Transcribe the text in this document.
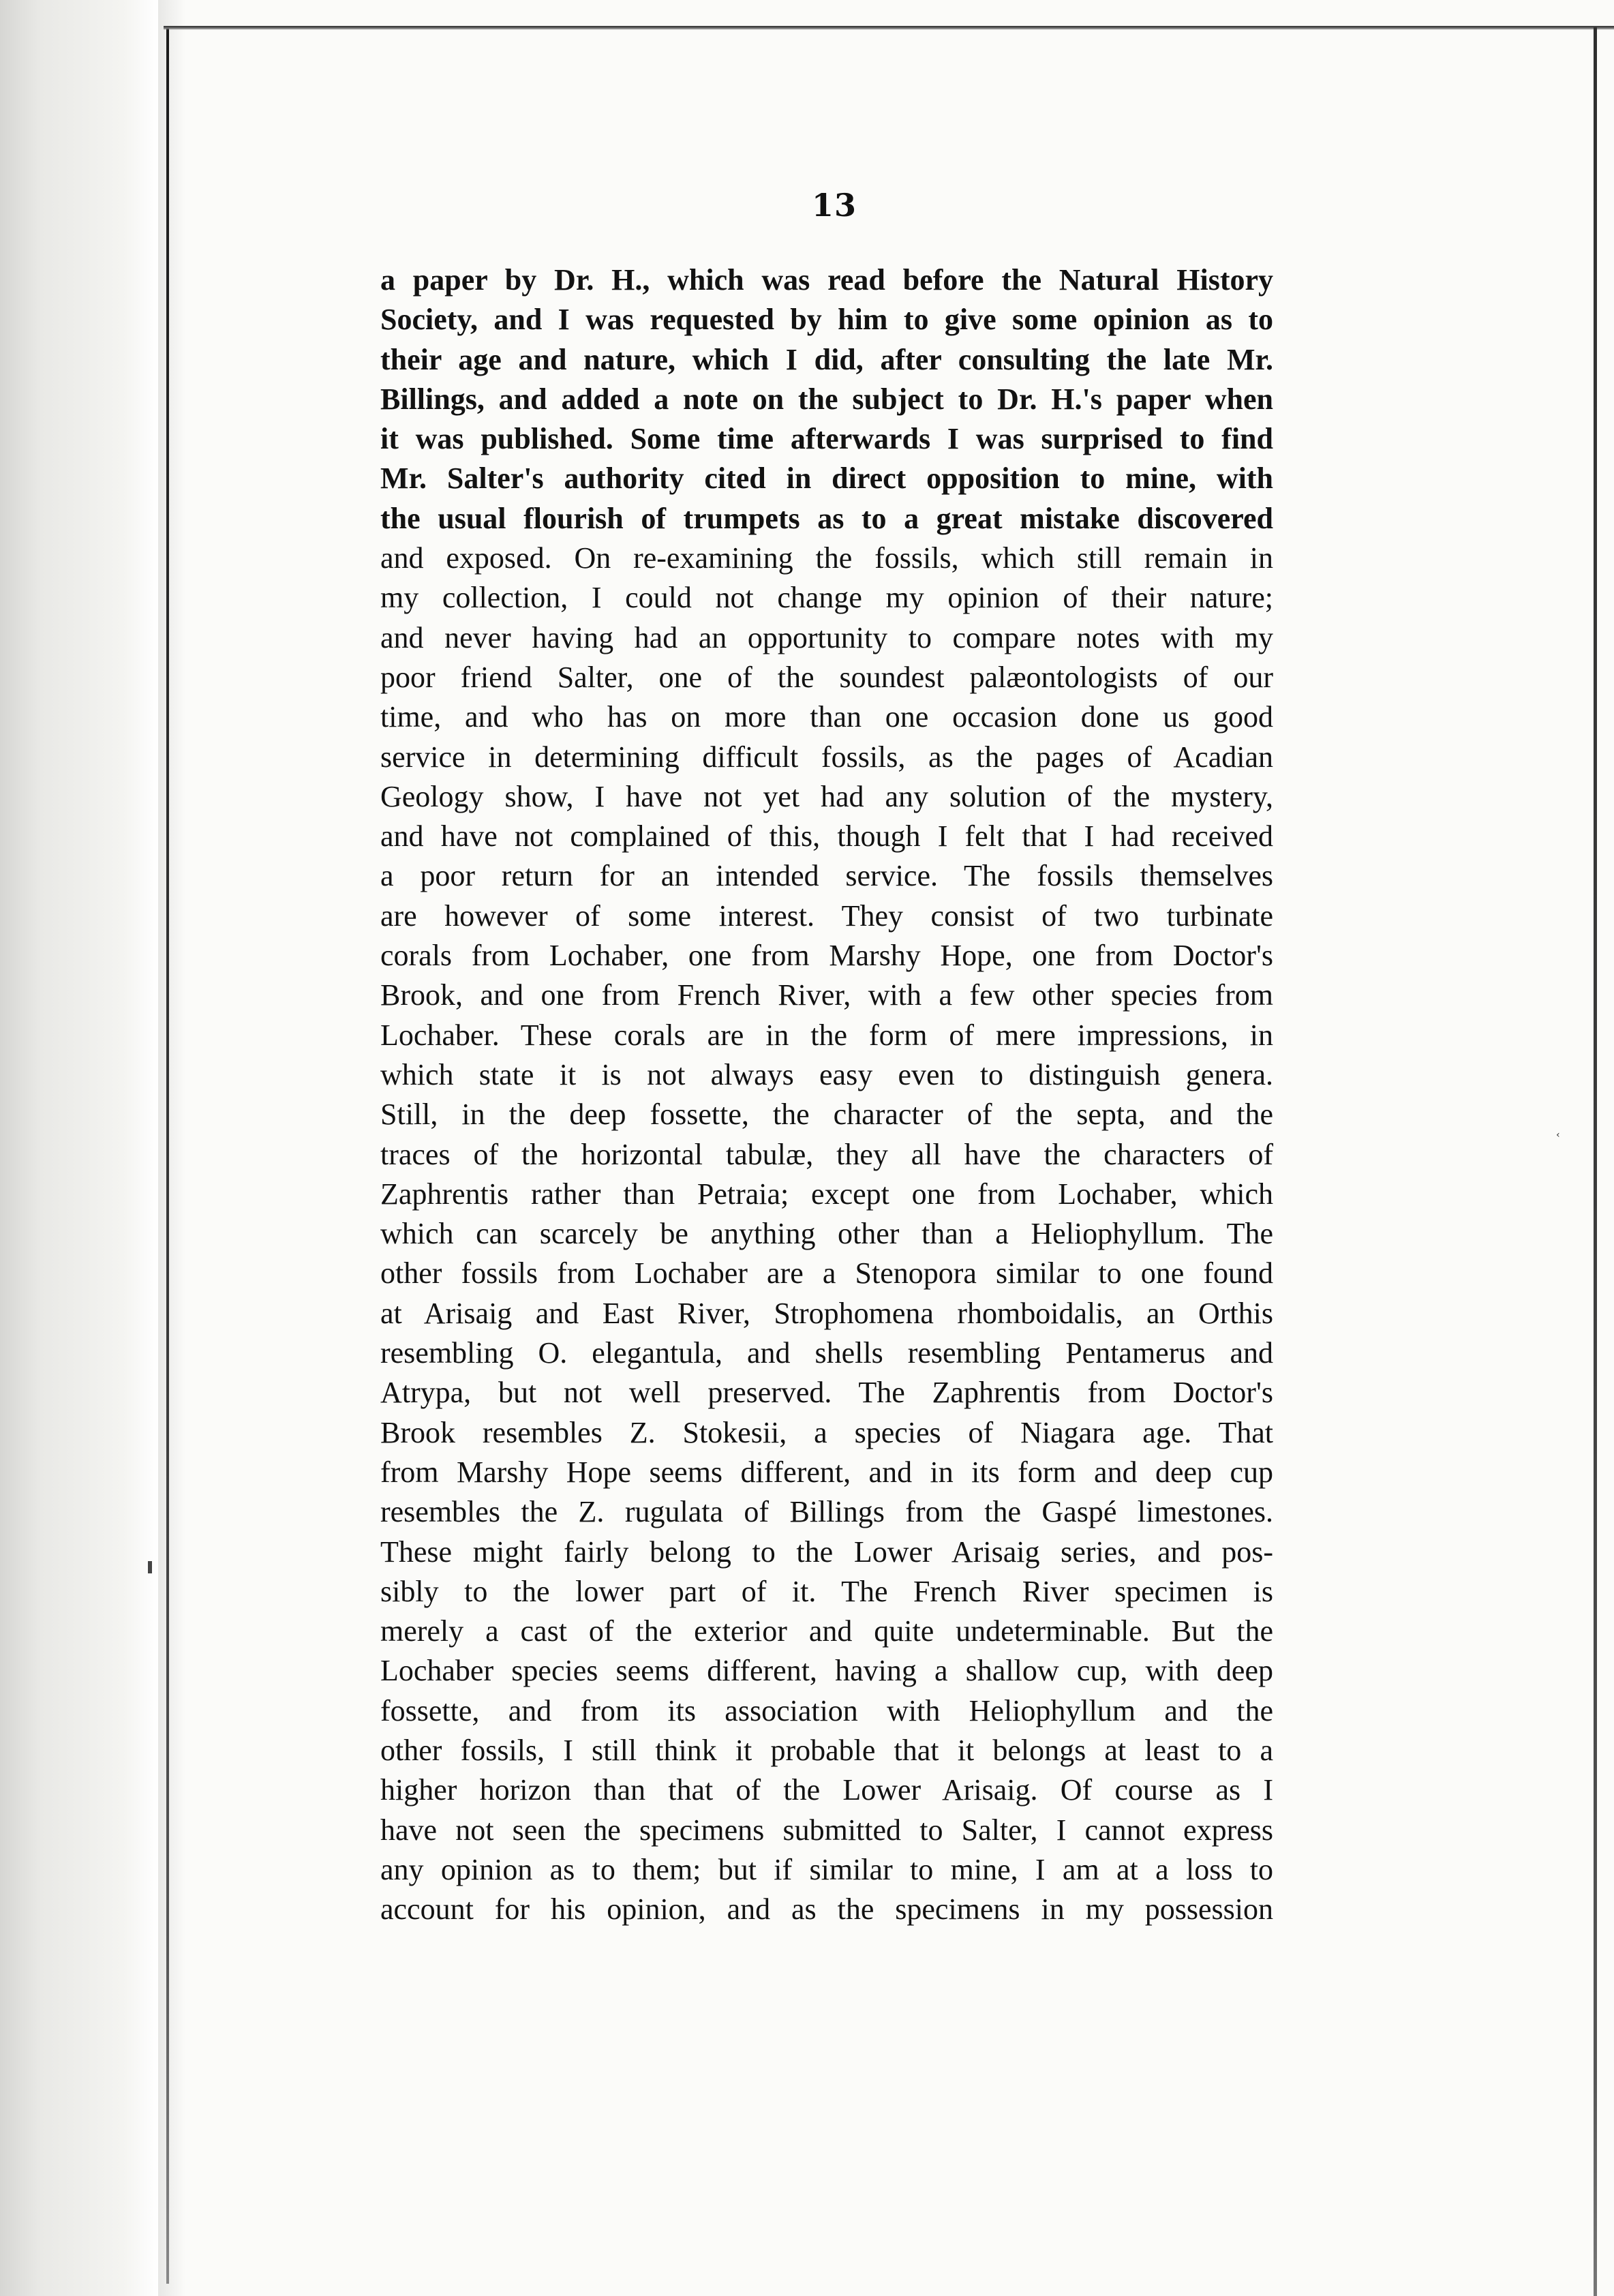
‹
13
a paper by Dr. H., which was read before the Natural History
Society, and I was requested by him to give some opinion as to
their age and nature, which I did, after consulting the late Mr.
Billings, and added a note on the subject to Dr. H.'s paper when
it was published. Some time afterwards I was surprised to find
Mr. Salter's authority cited in direct opposition to mine, with
the usual flourish of trumpets as to a great mistake discovered
and exposed. On re-examining the fossils, which still remain in
my collection, I could not change my opinion of their nature;
and never having had an opportunity to compare notes with my
poor friend Salter, one of the soundest palæontologists of our
time, and who has on more than one occasion done us good
service in determining difficult fossils, as the pages of Acadian
Geology show, I have not yet had any solution of the mystery,
and have not complained of this, though I felt that I had received
a poor return for an intended service. The fossils themselves
are however of some interest. They consist of two turbinate
corals from Lochaber, one from Marshy Hope, one from Doctor's
Brook, and one from French River, with a few other species from
Lochaber. These corals are in the form of mere impressions, in
which state it is not always easy even to distinguish genera.
Still, in the deep fossette, the character of the septa, and the
traces of the horizontal tabulæ, they all have the characters of
Zaphrentis rather than Petraia; except one from Lochaber, which
which can scarcely be anything other than a Heliophyllum. The
other fossils from Lochaber are a Stenopora similar to one found
at Arisaig and East River, Strophomena rhomboidalis, an Orthis
resembling O. elegantula, and shells resembling Pentamerus and
Atrypa, but not well preserved. The Zaphrentis from Doctor's
Brook resembles Z. Stokesii, a species of Niagara age. That
from Marshy Hope seems different, and in its form and deep cup
resembles the Z. rugulata of Billings from the Gaspé limestones.
These might fairly belong to the Lower Arisaig series, and pos-
sibly to the lower part of it. The French River specimen is
merely a cast of the exterior and quite undeterminable. But the
Lochaber species seems different, having a shallow cup, with deep
fossette, and from its association with Heliophyllum and the
other fossils, I still think it probable that it belongs at least to a
higher horizon than that of the Lower Arisaig. Of course as I
have not seen the specimens submitted to Salter, I cannot express
any opinion as to them; but if similar to mine, I am at a loss to
account for his opinion, and as the specimens in my possession
